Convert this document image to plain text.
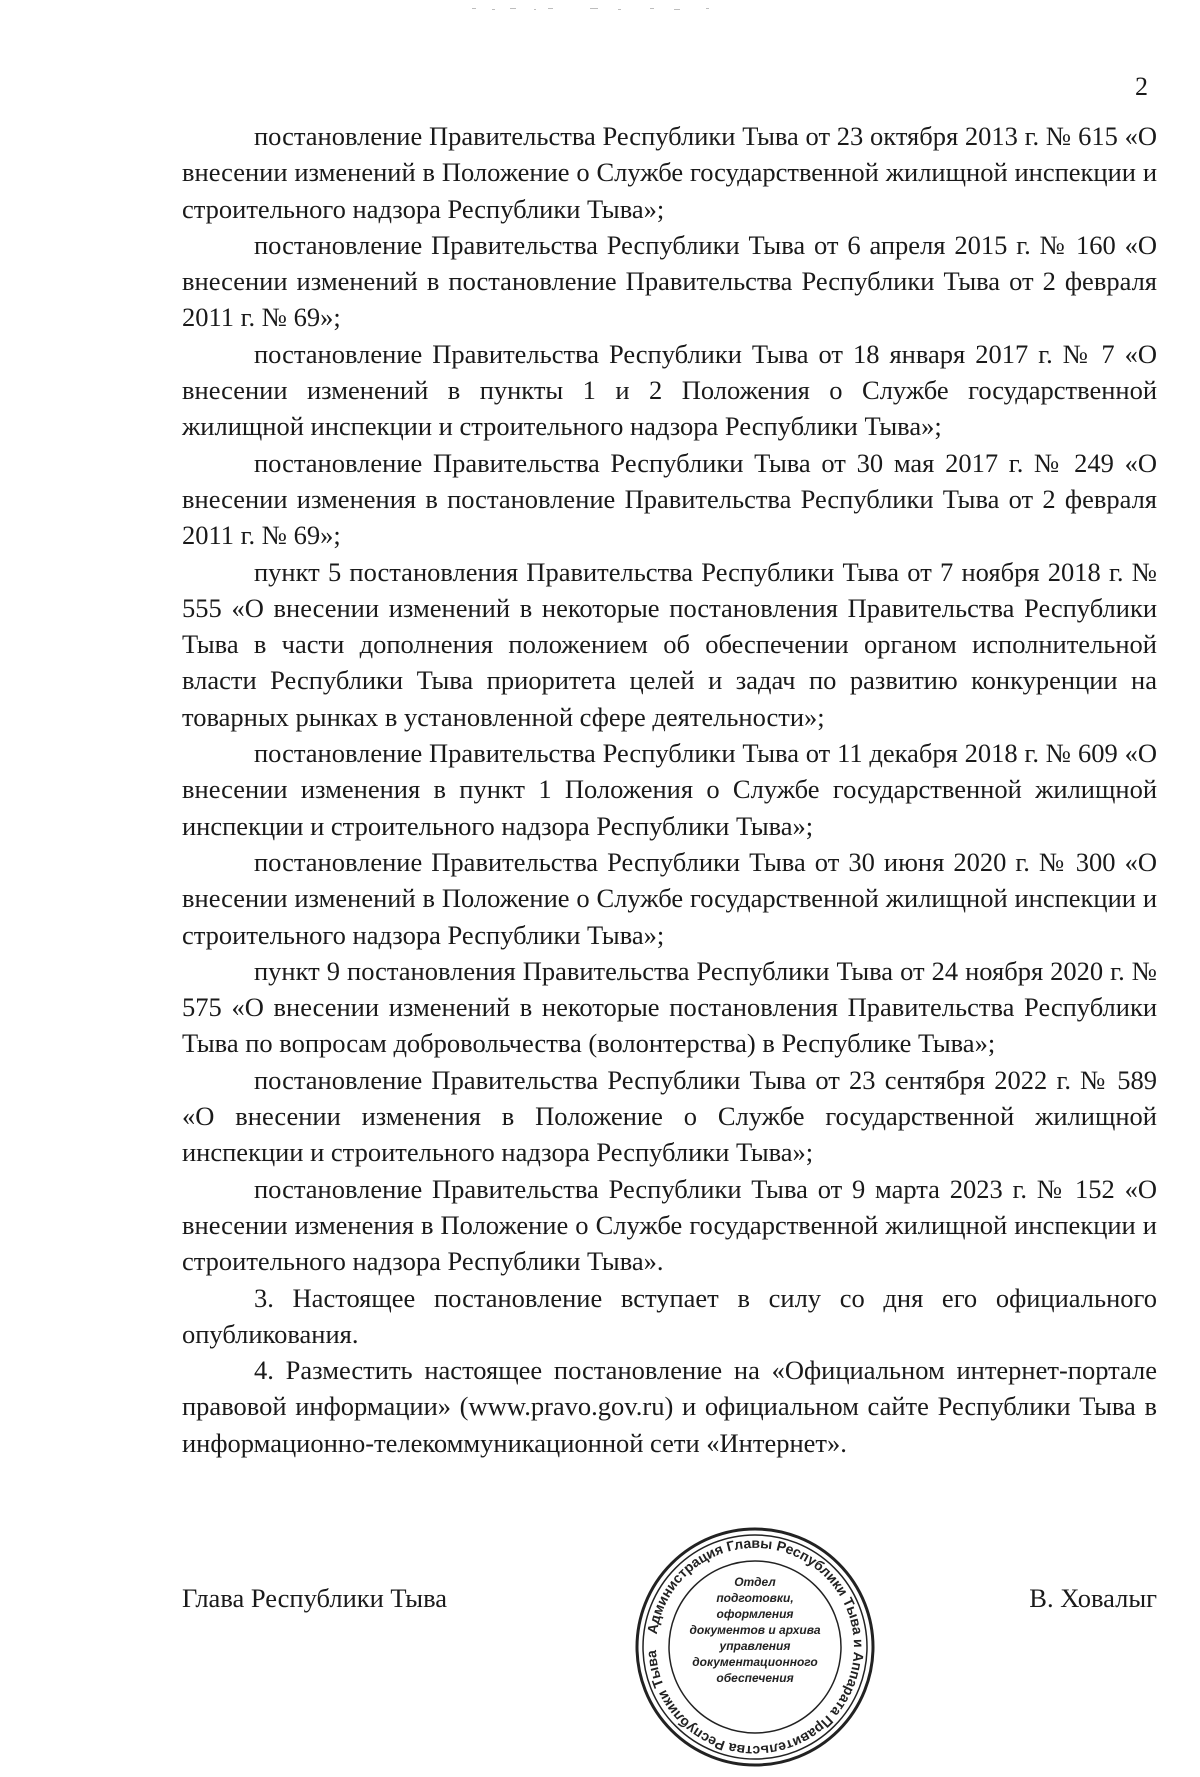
2

постановление Правительства Республики Тыва от 23 октября 2013 г. № 615 «О внесении изменений в Положение о Службе государственной жилищной инспекции и строительного надзора Республики Тыва»;

постановление Правительства Республики Тыва от 6 апреля 2015 г. № 160 «О внесении изменений в постановление Правительства Республики Тыва от 2 февраля 2011 г. № 69»;

постановление Правительства Республики Тыва от 18 января 2017 г. № 7 «О внесении изменений в пункты 1 и 2 Положения о Службе государственной жилищной инспекции и строительного надзора Республики Тыва»;

постановление Правительства Республики Тыва от 30 мая 2017 г. № 249 «О внесении изменения в постановление Правительства Республики Тыва от 2 февраля 2011 г. № 69»;

пункт 5 постановления Правительства Республики Тыва от 7 ноября 2018 г. № 555 «О внесении изменений в некоторые постановления Правительства Республики Тыва в части дополнения положением об обеспечении органом исполнительной власти Республики Тыва приоритета целей и задач по развитию конкуренции на товарных рынках в установленной сфере деятельности»;

постановление Правительства Республики Тыва от 11 декабря 2018 г. № 609 «О внесении изменения в пункт 1 Положения о Службе государственной жилищной инспекции и строительного надзора Республики Тыва»;

постановление Правительства Республики Тыва от 30 июня 2020 г. № 300 «О внесении изменений в Положение о Службе государственной жилищной инспекции и строительного надзора Республики Тыва»;

пункт 9 постановления Правительства Республики Тыва от 24 ноября 2020 г. № 575 «О внесении изменений в некоторые постановления Правительства Республики Тыва по вопросам добровольчества (волонтерства) в Республике Тыва»;

постановление Правительства Республики Тыва от 23 сентября 2022 г. № 589 «О внесении изменения в Положение о Службе государственной жилищной инспекции и строительного надзора Республики Тыва»;

постановление Правительства Республики Тыва от 9 марта 2023 г. № 152 «О внесении изменения в Положение о Службе государственной жилищной инспекции и строительного надзора Республики Тыва».

3. Настоящее постановление вступает в силу со дня его официального опубликования.

4. Разместить настоящее постановление на «Официальном интернет-портале правовой информации» (www.pravo.gov.ru) и официальном сайте Республики Тыва в информационно-телекоммуникационной сети «Интернет».

Глава Республики Тыва	В. Ховалыг
Администрация Главы Республики Тыва и Аппарата Правительства Республики Тыва
Отдел
подготовки,
оформления
документов и архива
управления
документационного
обеспечения
